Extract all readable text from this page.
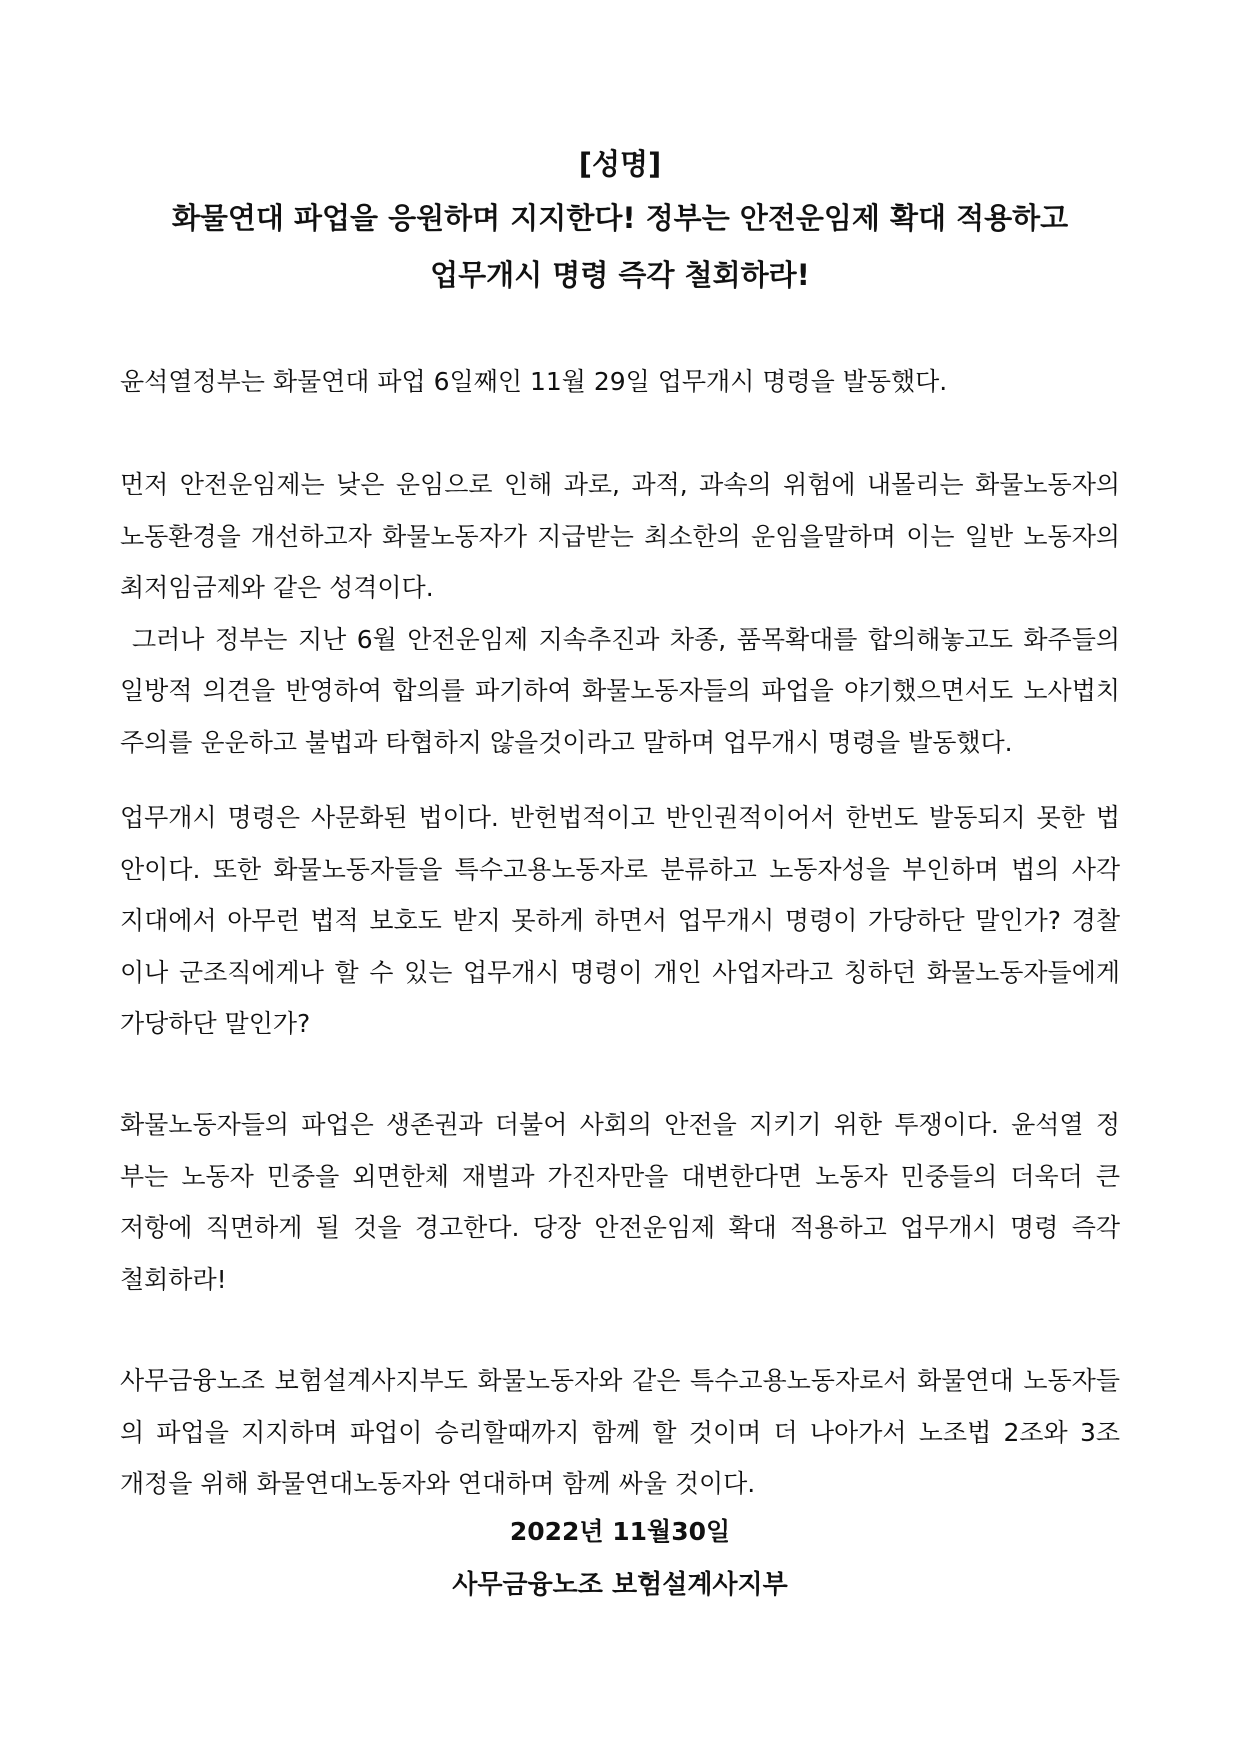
[성명]
화물연대 파업을 응원하며 지지한다! 정부는 안전운임제 확대 적용하고
업무개시 명령 즉각 철회하라!
윤석열정부는 화물연대 파업 6일째인 11월 29일 업무개시 명령을 발동했다.
먼저 안전운임제는 낮은 운임으로 인해 과로, 과적, 과속의 위험에 내몰리는 화물노동자의
노동환경을 개선하고자 화물노동자가 지급받는 최소한의 운임을말하며 이는 일반 노동자의
최저임금제와 같은 성격이다.
그러나 정부는 지난 6월 안전운임제 지속추진과 차종, 품목확대를 합의해놓고도 화주들의
일방적 의견을 반영하여 합의를 파기하여 화물노동자들의 파업을 야기했으면서도 노사법치
주의를 운운하고 불법과 타협하지 않을것이라고 말하며 업무개시 명령을 발동했다.
업무개시 명령은 사문화된 법이다. 반헌법적이고 반인권적이어서 한번도 발동되지 못한 법
안이다. 또한 화물노동자들을 특수고용노동자로 분류하고 노동자성을 부인하며 법의 사각
지대에서 아무런 법적 보호도 받지 못하게 하면서 업무개시 명령이 가당하단 말인가? 경찰
이나 군조직에게나 할 수 있는 업무개시 명령이 개인 사업자라고 칭하던 화물노동자들에게
가당하단 말인가?
화물노동자들의 파업은 생존권과 더불어 사회의 안전을 지키기 위한 투쟁이다. 윤석열 정
부는 노동자 민중을 외면한체 재벌과 가진자만을 대변한다면 노동자 민중들의 더욱더 큰
저항에 직면하게 될 것을 경고한다. 당장 안전운임제 확대 적용하고 업무개시 명령 즉각
철회하라!
사무금융노조 보험설계사지부도 화물노동자와 같은 특수고용노동자로서 화물연대 노동자들
의 파업을 지지하며 파업이 승리할때까지 함께 할 것이며 더 나아가서 노조법 2조와 3조
개정을 위해 화물연대노동자와 연대하며 함께 싸울 것이다.
2022년 11월30일
사무금융노조 보험설계사지부
